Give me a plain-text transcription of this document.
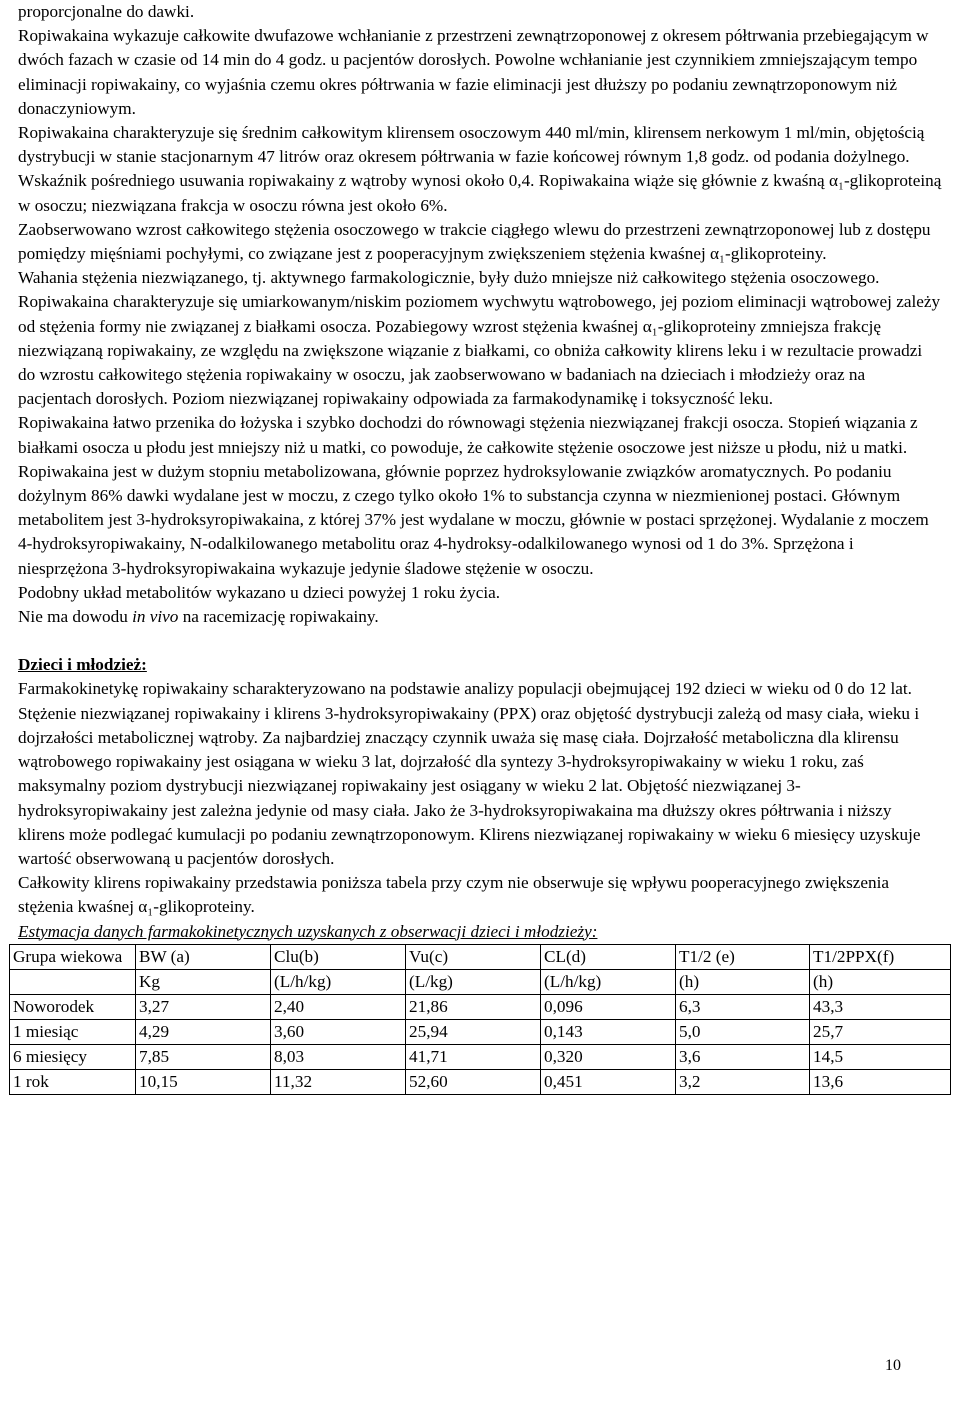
proporcjonalne do dawki.

Ropiwakaina wykazuje całkowite dwufazowe wchłanianie z przestrzeni zewnątrzoponowej z okresem półtrwania przebiegającym w dwóch fazach w czasie od 14 min do 4 godz. u pacjentów dorosłych. Powolne wchłanianie jest czynnikiem zmniejszającym tempo eliminacji ropiwakainy, co wyjaśnia czemu okres półtrwania w fazie eliminacji jest dłuższy po podaniu zewnątrzoponowym niż donaczyniowym.

Ropiwakaina charakteryzuje się średnim całkowitym klirensem osoczowym 440 ml/min, klirensem nerkowym 1 ml/min, objętością dystrybucji w stanie stacjonarnym 47 litrów oraz okresem półtrwania w fazie końcowej równym 1,8 godz. od podania dożylnego. Wskaźnik pośredniego usuwania ropiwakainy z wątroby wynosi około 0,4. Ropiwakaina wiąże się głównie z kwaśną α₁-glikoproteiną w osoczu; niezwiązana frakcja w osoczu równa jest około 6%.

Zaobserwowano wzrost całkowitego stężenia osoczowego w trakcie ciągłego wlewu do przestrzeni zewnątrzoponowej lub z dostępu pomiędzy mięśniami pochyłymi, co związane jest z pooperacyjnym zwiększeniem stężenia kwaśnej α₁-glikoproteiny.

Wahania stężenia niezwiązanego, tj. aktywnego farmakologicznie, były dużo mniejsze niż całkowitego stężenia osoczowego.

Ropiwakaina charakteryzuje się umiarkowanym/niskim poziomem wychwytu wątrobowego, jej poziom eliminacji wątrobowej zależy od stężenia formy nie związanej z białkami osocza. Pozabiegowy wzrost stężenia kwaśnej α₁-glikoproteiny zmniejsza frakcję niezwiązaną ropiwakainy, ze względu na zwiększone wiązanie z białkami, co obniża całkowity klirens leku i w rezultacie prowadzi do wzrostu całkowitego stężenia ropiwakainy w osoczu, jak zaobserwowano w badaniach na dzieciach i młodzieży oraz na pacjentach dorosłych. Poziom niezwiązanej ropiwakainy odpowiada za farmakodynamikę i toksyczność leku.

Ropiwakaina łatwo przenika do łożyska i szybko dochodzi do równowagi stężenia niezwiązanej frakcji osocza. Stopień wiązania z białkami osocza u płodu jest mniejszy niż u matki, co powoduje, że całkowite stężenie osoczowe jest niższe u płodu, niż u matki.

Ropiwakaina jest w dużym stopniu metabolizowana, głównie poprzez hydroksylowanie związków aromatycznych. Po podaniu dożylnym 86% dawki wydalane jest w moczu, z czego tylko około 1% to substancja czynna w niezmienionej postaci. Głównym metabolitem jest 3-hydroksyropiwakaina, z której 37% jest wydalane w moczu, głównie w postaci sprzężonej. Wydalanie z moczem 4-hydroksyropiwakainy, N-odalkilowanego metabolitu oraz 4-hydroksy-odalkilowanego wynosi od 1 do 3%. Sprzężona i niesprzężona 3-hydroksyropiwakaina wykazuje jedynie śladowe stężenie w osoczu.

Podobny układ metabolitów wykazano u dzieci powyżej 1 roku życia.

Nie ma dowodu in vivo na racemizację ropiwakainy.

Dzieci i młodzież:

Farmakokinetykę ropiwakainy scharakteryzowano na podstawie analizy populacji obejmującej 192 dzieci w wieku od 0 do 12 lat. Stężenie niezwiązanej ropiwakainy i klirens 3-hydroksyropiwakainy (PPX) oraz objętość dystrybucji zależą od masy ciała, wieku i dojrzałości metabolicznej wątroby. Za najbardziej znaczący czynnik uważa się masę ciała. Dojrzałość metaboliczna dla klirensu wątrobowego ropiwakainy jest osiągana w wieku 3 lat, dojrzałość dla syntezy 3-hydroksyropiwakainy w wieku 1 roku, zaś maksymalny poziom dystrybucji niezwiązanej ropiwakainy jest osiągany w wieku 2 lat. Objętość niezwiązanej 3-hydroksyropiwakainy jest zależna jedynie od masy ciała. Jako że 3-hydroksyropiwakaina ma dłuższy okres półtrwania i niższy klirens może podlegać kumulacji po podaniu zewnątrzoponowym. Klirens niezwiązanej ropiwakainy w wieku 6 miesięcy uzyskuje wartość obserwowaną u pacjentów dorosłych.

Całkowity klirens ropiwakainy przedstawia poniższa tabela przy czym nie obserwuje się wpływu pooperacyjnego zwiększenia stężenia kwaśnej α₁-glikoproteiny.

Estymacja danych farmakokinetycznych uzyskanych z obserwacji dzieci i młodzieży:

Grupa wiekowa	BW (a)	Clu(b)	Vu(c)	CL(d)	T1/2 (e)	T1/2PPX(f)
	Kg	(L/h/kg)	(L/kg)	(L/h/kg)	(h)	(h)
Noworodek	3,27	2,40	21,86	0,096	6,3	43,3
1 miesiąc	4,29	3,60	25,94	0,143	5,0	25,7
6 miesięcy	7,85	8,03	41,71	0,320	3,6	14,5
1 rok	10,15	11,32	52,60	0,451	3,2	13,6
10
